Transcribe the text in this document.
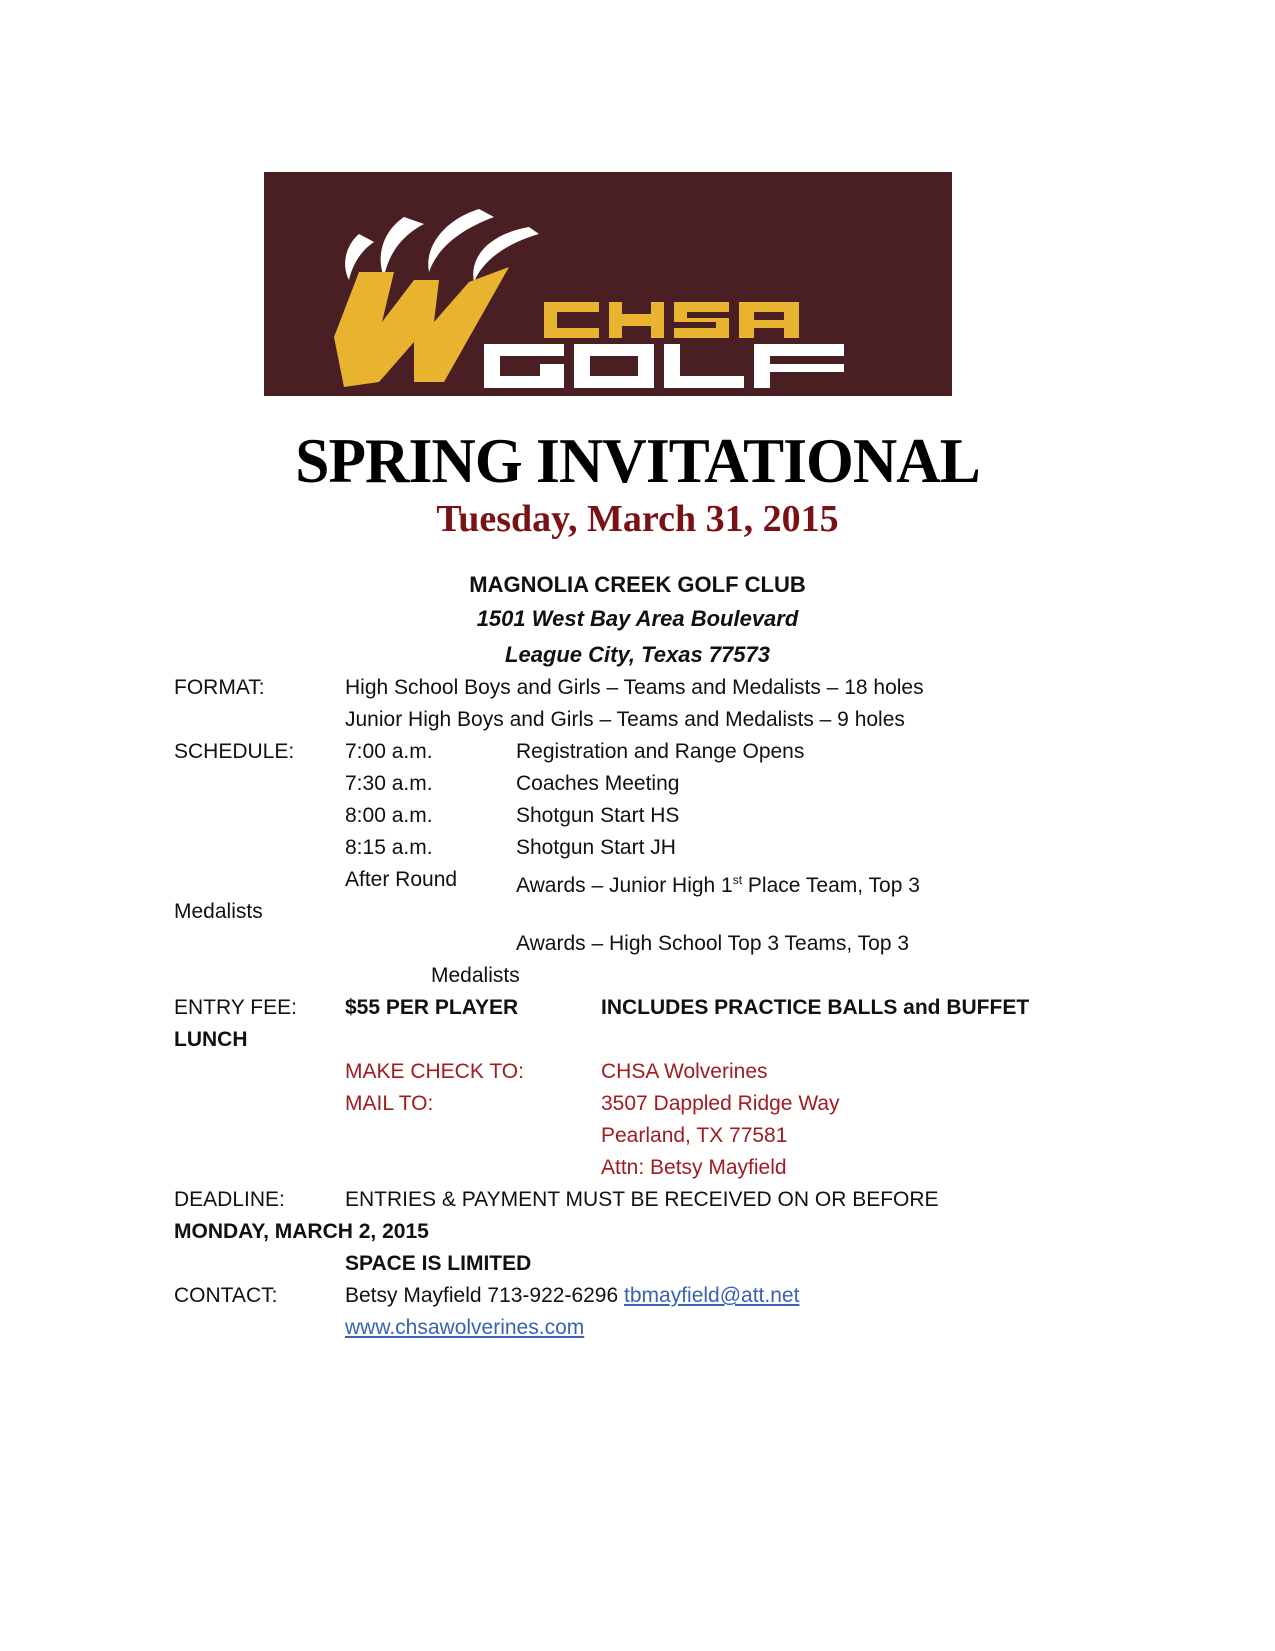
SPRING INVITATIONAL
Tuesday, March 31, 2015
MAGNOLIA CREEK GOLF CLUB
1501 West Bay Area Boulevard
League City, Texas 77573
FORMAT:	High School Boys and Girls – Teams and Medalists – 18 holes
Junior High Boys and Girls – Teams and Medalists – 9 holes
SCHEDULE: 7:00 a.m.	Registration and Range Opens
7:30 a.m.	Coaches Meeting
8:00 a.m.	Shotgun Start HS
8:15 a.m.	Shotgun Start JH
After Round	Awards – Junior High 1st Place Team, Top 3
Medalists
Awards – High School Top 3 Teams, Top 3
Medalists
ENTRY FEE: $55 PER PLAYER	INCLUDES PRACTICE BALLS and BUFFET
LUNCH
MAKE CHECK TO:	CHSA Wolverines
MAIL TO:	3507 Dappled Ridge Way
Pearland, TX 77581
Attn: Betsy Mayfield
DEADLINE:	ENTRIES & PAYMENT MUST BE RECEIVED ON OR BEFORE
MONDAY, MARCH 2, 2015
SPACE IS LIMITED
CONTACT:	Betsy Mayfield 713-922-6296 tbmayfield@att.net
www.chsawolverines.com
